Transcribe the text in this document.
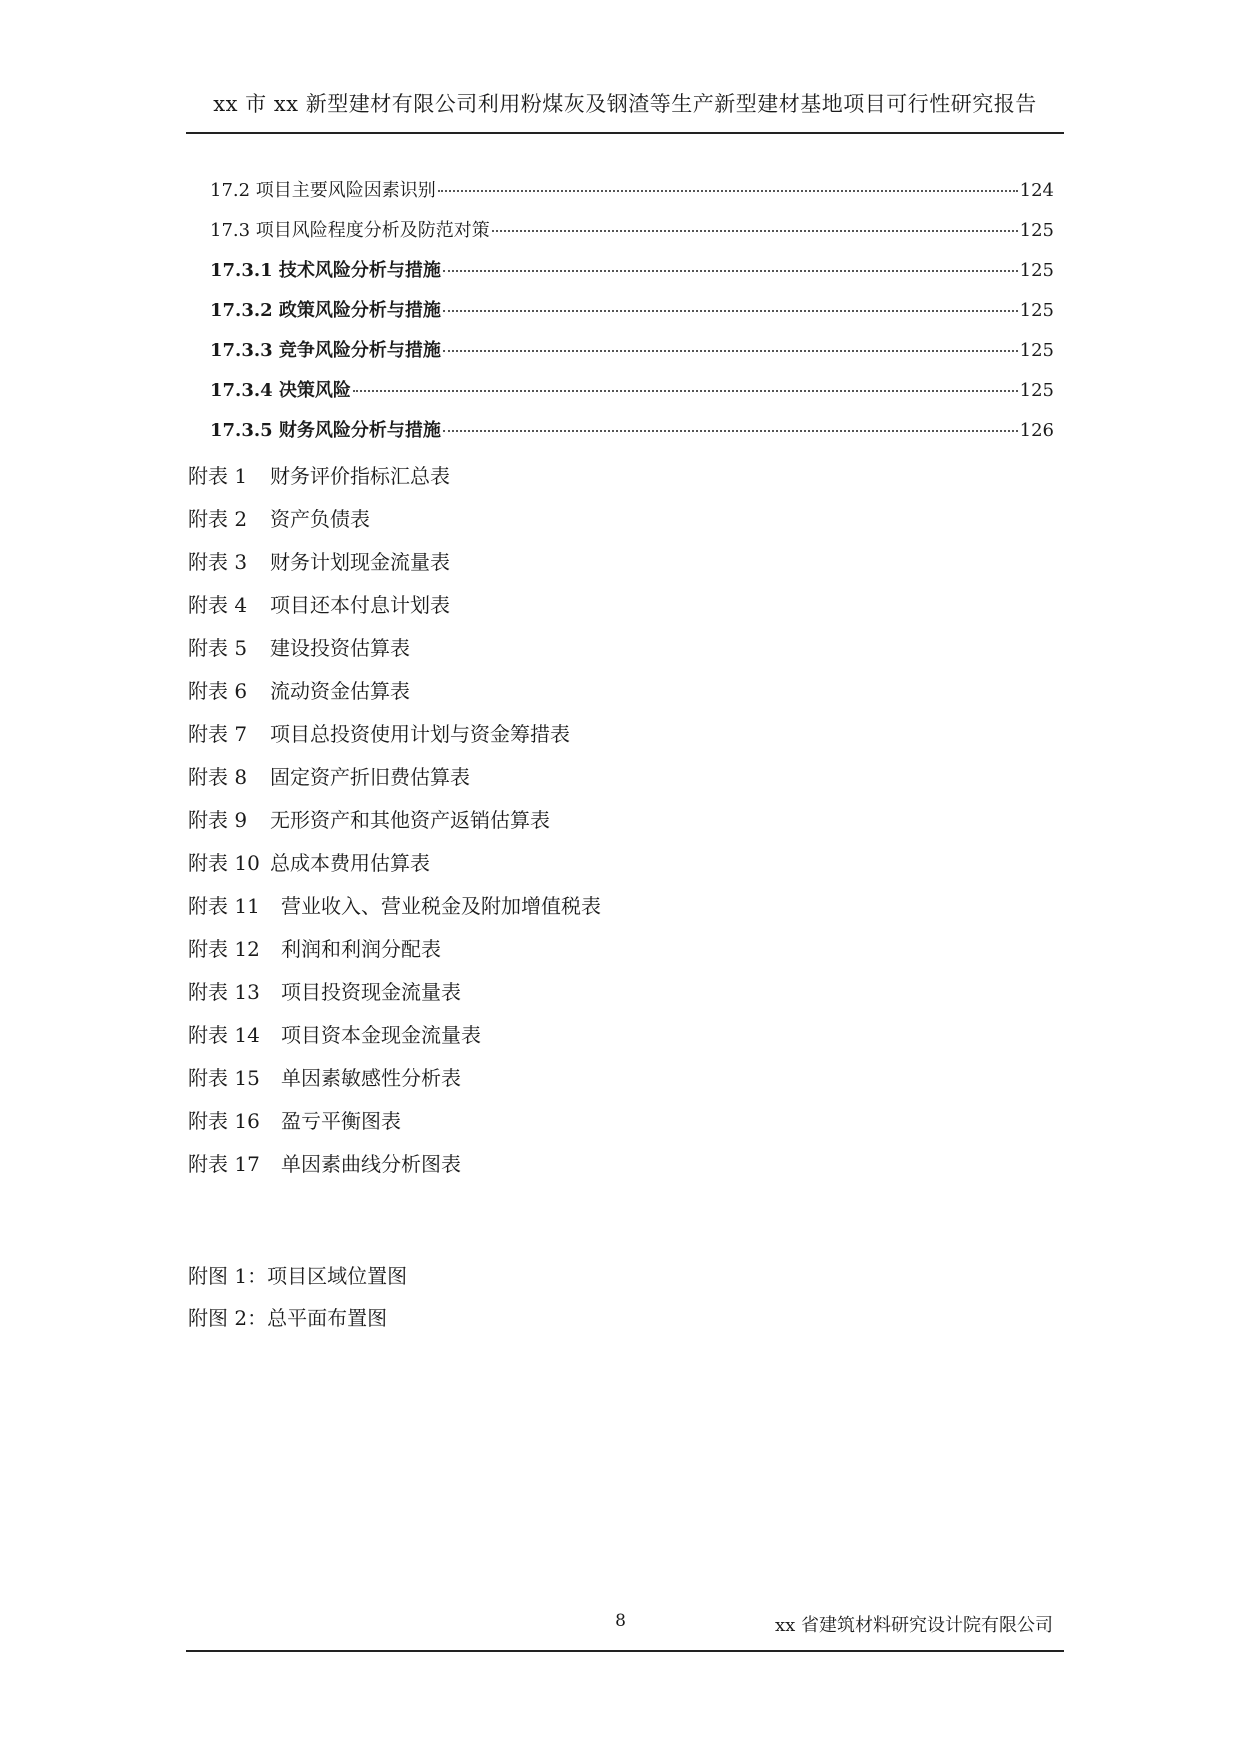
xx 市 xx 新型建材有限公司利用粉煤灰及钢渣等生产新型建材基地项目可行性研究报告
17.2 项目主要风险因素识别	124
17.3 项目风险程度分析及防范对策	125
17.3.1 技术风险分析与措施	125
17.3.2 政策风险分析与措施	125
17.3.3 竞争风险分析与措施	125
17.3.4 决策风险	125
17.3.5 财务风险分析与措施	126
附表 1 财务评价指标汇总表
附表 2 资产负债表
附表 3 财务计划现金流量表
附表 4 项目还本付息计划表
附表 5 建设投资估算表
附表 6 流动资金估算表
附表 7 项目总投资使用计划与资金筹措表
附表 8 固定资产折旧费估算表
附表 9 无形资产和其他资产返销估算表
附表 10 总成本费用估算表
附表 11 营业收入、营业税金及附加增值税表
附表 12 利润和利润分配表
附表 13 项目投资现金流量表
附表 14 项目资本金现金流量表
附表 15 单因素敏感性分析表
附表 16 盈亏平衡图表
附表 17 单因素曲线分析图表
附图 1：项目区域位置图
附图 2：总平面布置图
8	xx 省建筑材料研究设计院有限公司
